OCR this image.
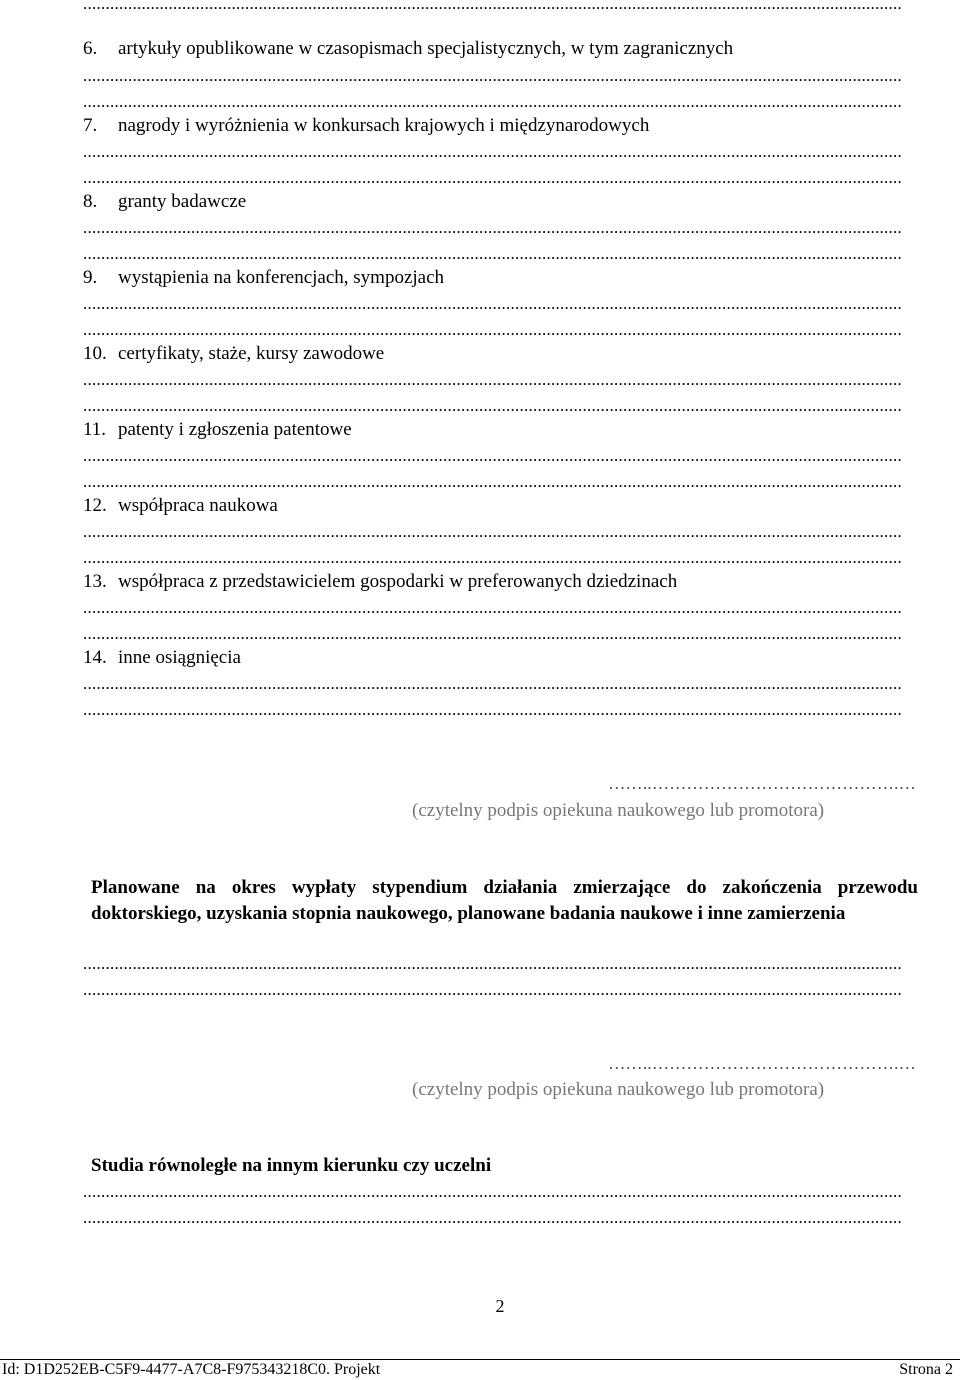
......................................................................................................................................................................................
6. artykuły opublikowane w czasopismach specjalistycznych, w tym zagranicznych
......................................................................................................................................................................................
......................................................................................................................................................................................
7. nagrody i wyróżnienia w konkursach krajowych i międzynarodowych
......................................................................................................................................................................................
......................................................................................................................................................................................
8. granty badawcze
......................................................................................................................................................................................
......................................................................................................................................................................................
9. wystąpienia na konferencjach, sympozjach
......................................................................................................................................................................................
......................................................................................................................................................................................
10. certyfikaty, staże, kursy zawodowe
......................................................................................................................................................................................
......................................................................................................................................................................................
11. patenty i zgłoszenia patentowe
......................................................................................................................................................................................
......................................................................................................................................................................................
12. współpraca naukowa
......................................................................................................................................................................................
......................................................................................................................................................................................
13. współpraca z przedstawicielem gospodarki w preferowanych dziedzinach
......................................................................................................................................................................................
......................................................................................................................................................................................
14. inne osiągnięcia
......................................................................................................................................................................................
......................................................................................................................................................................................
……..…………………………………….…
(czytelny podpis opiekuna naukowego lub promotora)
Planowane na okres wypłaty stypendium działania zmierzające do zakończenia przewodu doktorskiego, uzyskania stopnia naukowego, planowane badania naukowe i inne zamierzenia
......................................................................................................................................................................................
......................................................................................................................................................................................
……..…………………………………….…
(czytelny podpis opiekuna naukowego lub promotora)
Studia równoległe na innym kierunku czy uczelni
......................................................................................................................................................................................
......................................................................................................................................................................................
2
Id: D1D252EB-C5F9-4477-A7C8-F975343218C0. Projekt	Strona 2
